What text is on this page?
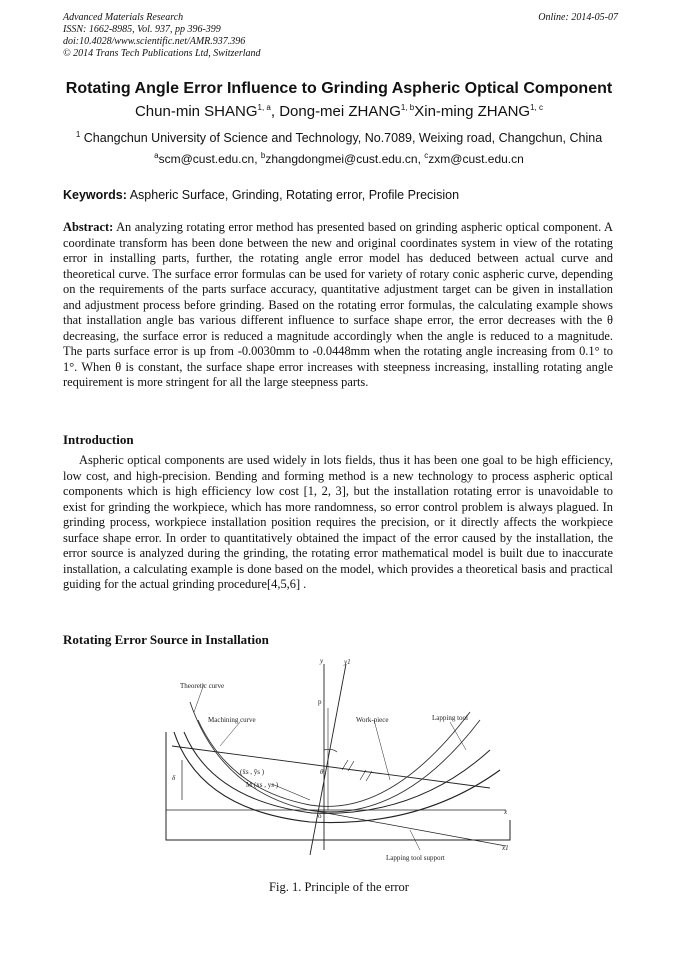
Advanced Materials Research
ISSN: 1662-8985, Vol. 937, pp 396-399
doi:10.4028/www.scientific.net/AMR.937.396
© 2014 Trans Tech Publications Ltd, Switzerland
Online: 2014-05-07
Rotating Angle Error Influence to Grinding Aspheric Optical Component
Chun-min SHANG$^{1, a}$, Dong-mei ZHANG$^{1, b}$Xin-ming ZHANG$^{1, c}$
$^1$ Changchun University of Science and Technology, No.7089, Weixing road, Changchun, China
$^a$scm@cust.edu.cn, $^b$zhangdongmei@cust.edu.cn, $^c$zxm@cust.edu.cn
Keywords: Aspheric Surface, Grinding, Rotating error, Profile Precision
Abstract: An analyzing rotating error method has presented based on grinding aspheric optical component. A coordinate transform has been done between the new and original coordinates system in view of the rotating error in installing parts, further, the rotating angle error model has deduced between actual curve and theoretical curve. The surface error formulas can be used for variety of rotary conic aspheric curve, depending on the requirements of the parts surface accuracy, quantitative adjustment target can be given in installation and adjustment process before grinding. Based on the rotating error formulas, the calculating example shows that installation angle bas various different influence to surface shape error, the error decreases with the θ decreasing, the surface error is reduced a magnitude accordingly when the angle is reduced to a magnitude. The parts surface error is up from -0.0030mm to -0.0448mm when the rotating angle increasing from 0.1° to 1°. When θ is constant, the surface shape error increases with steepness increasing, installing rotating angle requirement is more stringent for all the large steepness parts.
Introduction
Aspheric optical components are used widely in lots fields, thus it has been one goal to be high efficiency, low cost, and high-precision. Bending and forming method is a new technology to process aspheric optical components which is high efficiency low cost [1, 2, 3], but the installation rotating error is unavoidable to exist for grinding the workpiece, which has more randomness, so error control problem is always plagued. In grinding process, workpiece installation position requires the precision, or it directly affects the workpiece surface shape error. In order to quantitatively obtained the impact of the error caused by the installation, the error source is analyzed during the grinding, the rotating error mathematical model is built due to inaccurate installation, a calculating example is done based on the model, which provides a theoretical basis and practical guiding for the actual grinding procedure[4,5,6] .
Rotating Error Source in Installation
Theoretic curve
Machining curve	Work-piece	Lapping tool
Lapping tool support
y	y1
x
x1
p
θ
o
δ
(x̄s , ȳs )
M (xs , ys )
Fig. 1. Principle of the error
